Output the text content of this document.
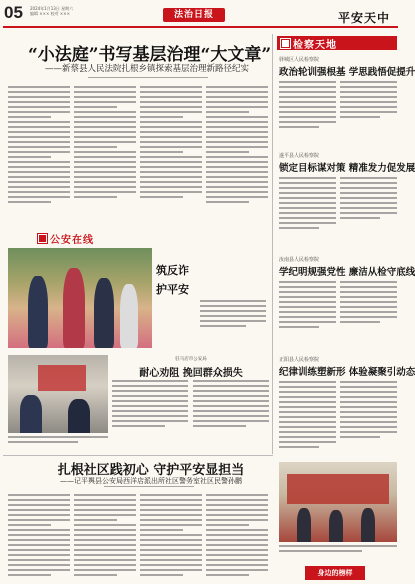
05 2024年1月13日 星期六
编辑 ××× 校对 ×××	法治日报	平安天中
“小法庭”书写基层治理“大文章”
——新蔡县人民法院扎根乡镇探索基层治理新路径纪实
公安在线
筑反诈
护平安
驻马店市公安局
耐心劝阻 挽回群众损失
检察天地
驿城区人民检察院
政治轮训强根基 学思践悟促提升
遂平县人民检察院
锁定目标谋对策 精准发力促发展
汝南县人民检察院
学纪明规强党性 廉洁从检守底线
正阳县人民检察院
纪律训练塑新形 体验凝聚引动态
扎根社区践初心 守护平安显担当
——记平舆县公安局西洋店派出所社区警务室社区民警孙鹏
身边的榜样
